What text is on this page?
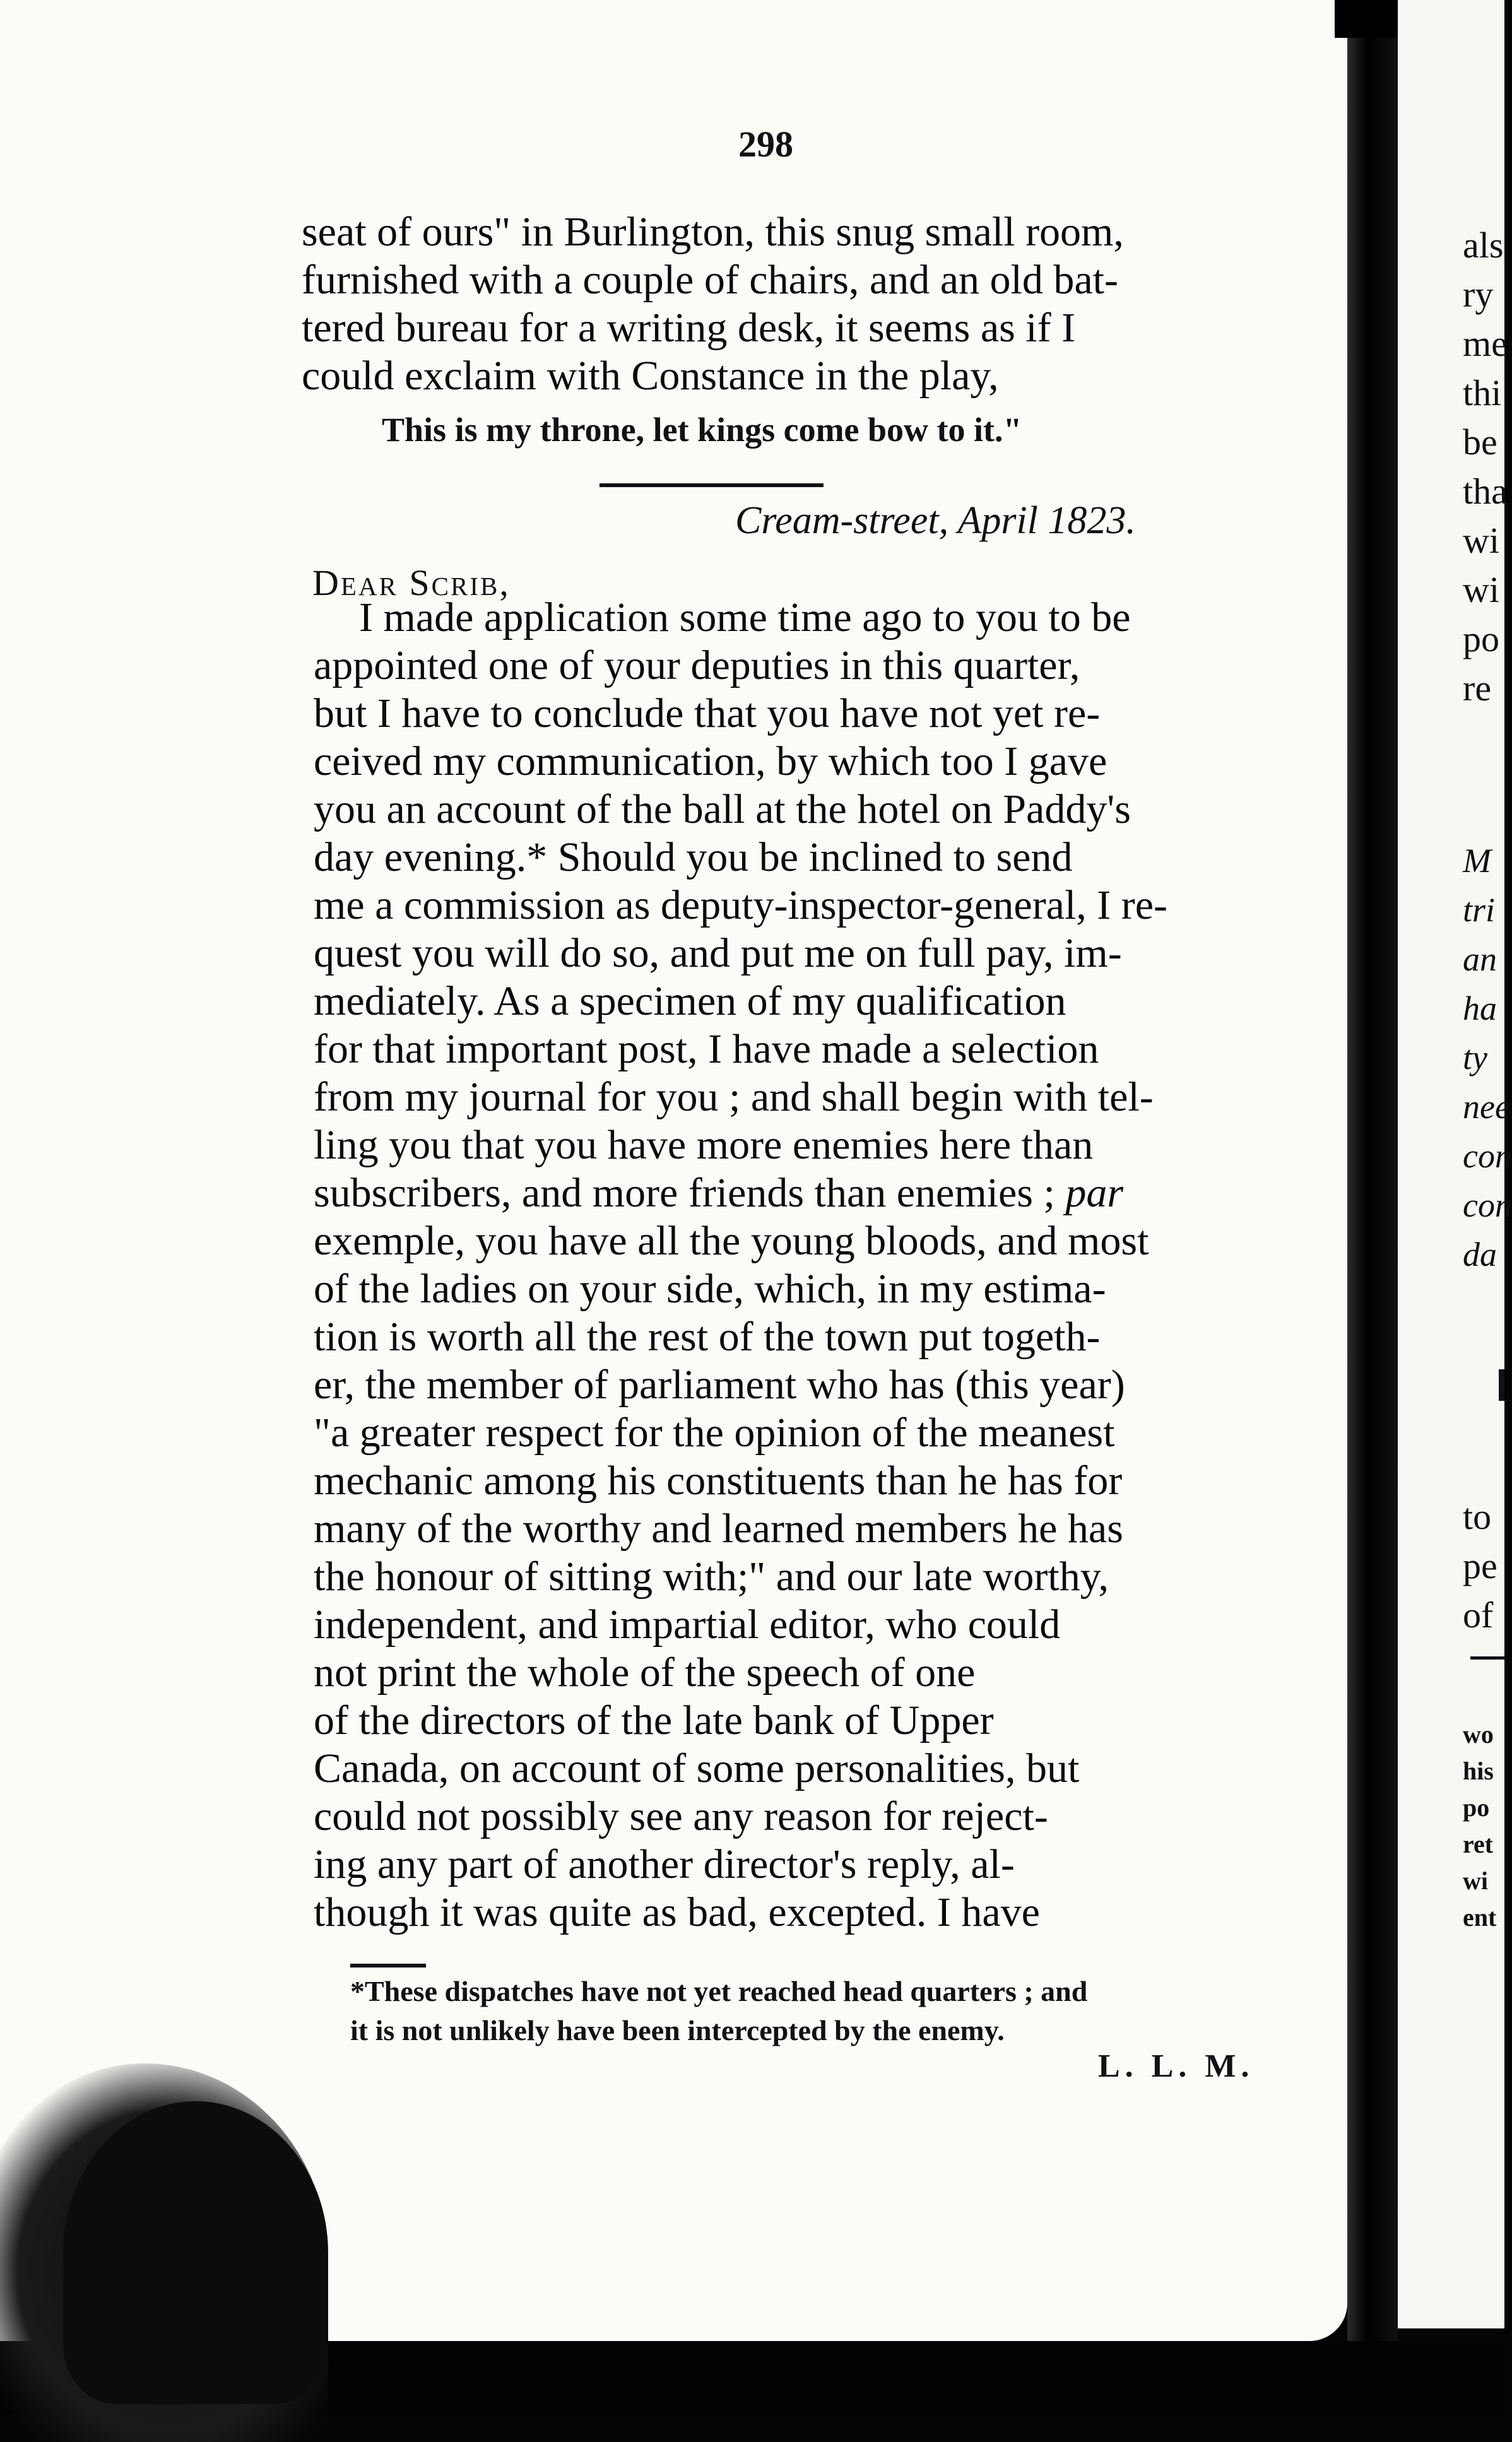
298
seat of ours" in Burlington, this snug small room,
furnished with a couple of chairs, and an old bat-
tered bureau for a writing desk, it seems as if I
could exclaim with Constance in the play,
This is my throne, let kings come bow to it."
Cream-street, April 1823.
Dear Scrib,
I made application some time ago to you to be
appointed one of your deputies in this quarter,
but I have to conclude that you have not yet re-
ceived my communication, by which too I gave
you an account of the ball at the hotel on Paddy's
day evening.* Should you be inclined to send
me a commission as deputy-inspector-general, I re-
quest you will do so, and put me on full pay, im-
mediately. As a specimen of my qualification
for that important post, I have made a selection
from my journal for you ; and shall begin with tel-
ling you that you have more enemies here than
subscribers, and more friends than enemies ; par
exemple, you have all the young bloods, and most
of the ladies on your side, which, in my estima-
tion is worth all the rest of the town put togeth-
er, the member of parliament who has (this year)
"a greater respect for the opinion of the meanest
mechanic among his constituents than he has for
many of the worthy and learned members he has
the honour of sitting with;" and our late worthy,
independent, and impartial editor, who could
not print the whole of the speech of one
of the directors of the late bank of Upper
Canada, on account of some personalities, but
could not possibly see any reason for reject-
ing any part of another director's reply, al-
though it was quite as bad, excepted. I have
*These dispatches have not yet reached head quarters ; and
it is not unlikely have been intercepted by the enemy.
L. L. M.
als
ry
me
thi
be
tha
wi
wi
po
re
M
tri
an
ha
ty
nee
con
con
da
to
pe
of
wo
his
po
ret
wi
ent
